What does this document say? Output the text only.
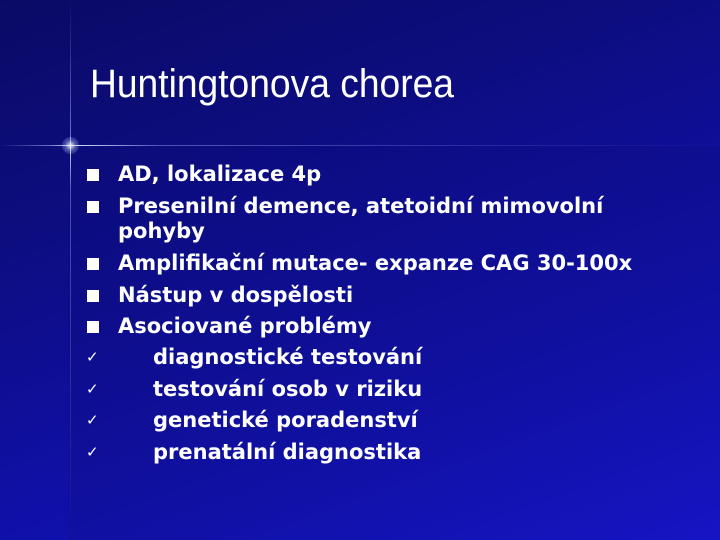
Huntingtonova chorea
AD, lokalizace 4p
Presenilní demence, atetoidní mimovolní
pohyby
Amplifikační mutace- expanze CAG 30-100x
Nástup v dospělosti
Asociované problémy
✓	diagnostické testování
✓	testování osob v riziku
✓	genetické poradenství
✓	prenatální diagnostika
